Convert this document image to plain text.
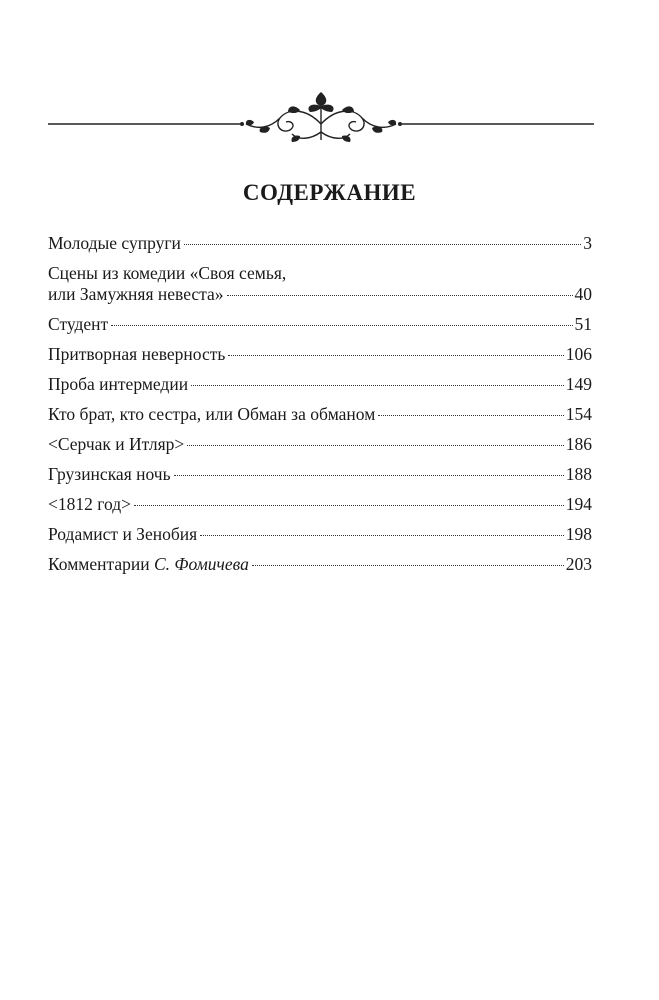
СОДЕРЖАНИЕ
Молодые супруги	3
Сцены из комедии «Своя семья,
или Замужняя невеста»	40
Студент	51
Притворная неверность	106
Проба интермедии	149
Кто брат, кто сестра, или Обман за обманом	154
<Серчак и Итляр>	186
Грузинская ночь	188
<1812 год>	194
Родамист и Зенобия	198
Комментарии С. Фомичева	203
